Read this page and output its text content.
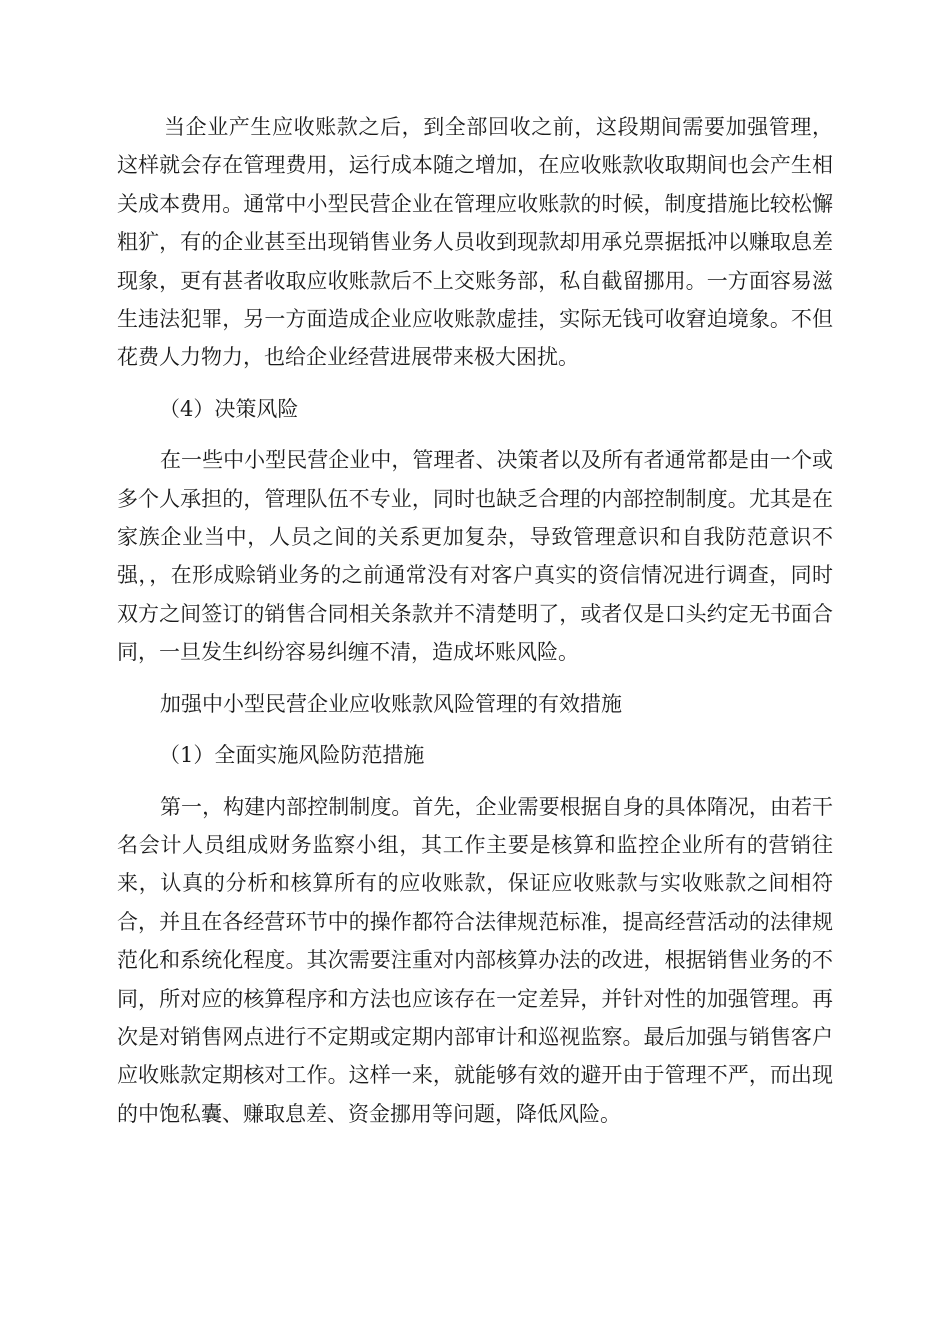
当企业产生应收账款之后，到全部回收之前，这段期间需要加强管理，这样就会存在管理费用，运行成本随之增加，在应收账款收取期间也会产生相关成本费用。通常中小型民营企业在管理应收账款的时候，制度措施比较松懈粗犷，有的企业甚至出现销售业务人员收到现款却用承兑票据抵冲以赚取息差现象，更有甚者收取应收账款后不上交账务部，私自截留挪用。一方面容易滋生违法犯罪，另一方面造成企业应收账款虚挂，实际无钱可收窘迫境象。不但花费人力物力，也给企业经营进展带来极大困扰。

（4）决策风险

在一些中小型民营企业中，管理者、决策者以及所有者通常都是由一个或多个人承担的，管理队伍不专业，同时也缺乏合理的内部控制制度。尤其是在家族企业当中，人员之间的关系更加复杂，导致管理意识和自我防范意识不强，，在形成赊销业务的之前通常没有对客户真实的资信情况进行调查，同时双方之间签订的销售合同相关条款并不清楚明了，或者仅是口头约定无书面合同，一旦发生纠纷容易纠缠不清，造成坏账风险。

加强中小型民营企业应收账款风险管理的有效措施

（1）全面实施风险防范措施

第一，构建内部控制制度。首先，企业需要根据自身的具体隋况，由若干名会计人员组成财务监察小组，其工作主要是核算和监控企业所有的营销往来，认真的分析和核算所有的应收账款，保证应收账款与实收账款之间相符合，并且在各经营环节中的操作都符合法律规范标准，提高经营活动的法律规范化和系统化程度。其次需要注重对内部核算办法的改进，根据销售业务的不同，所对应的核算程序和方法也应该存在一定差异，并针对性的加强管理。再次是对销售网点进行不定期或定期内部审计和巡视监察。最后加强与销售客户应收账款定期核对工作。这样一来，就能够有效的避开由于管理不严，而出现的中饱私囊、赚取息差、资金挪用等问题，降低风险。
